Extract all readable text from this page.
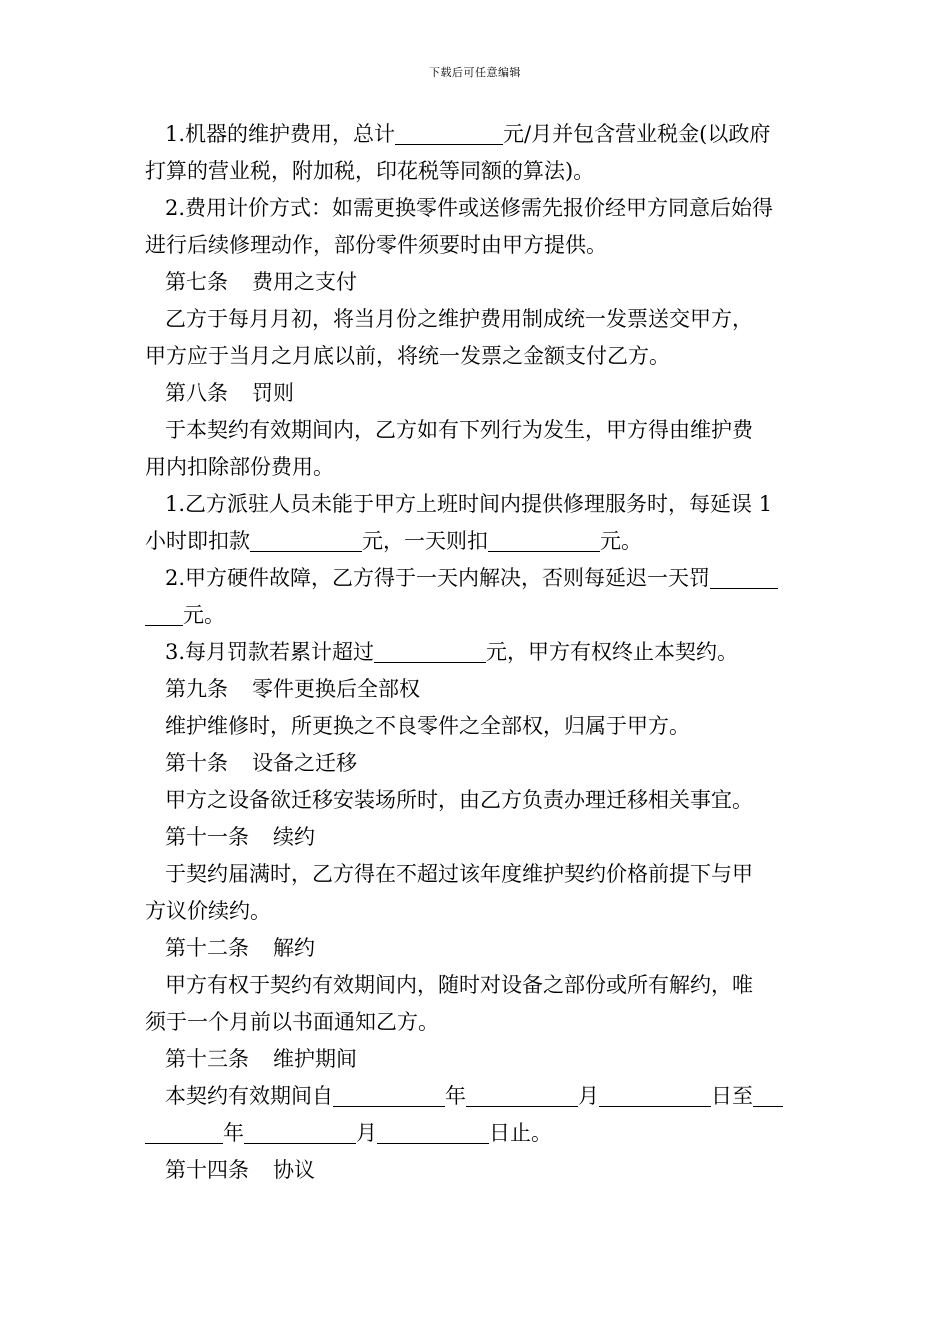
下载后可任意编辑
1.机器的维护费用，总计	元/月并包含营业税金(以政府
打算的营业税，附加税，印花税等同额的算法)。
2.费用计价方式：如需更换零件或送修需先报价经甲方同意后始得
进行后续修理动作，部份零件须要时由甲方提供。
第七条 费用之支付
乙方于每月月初，将当月份之维护费用制成统一发票送交甲方，
甲方应于当月之月底以前，将统一发票之金额支付乙方。
第八条 罚则
于本契约有效期间内，乙方如有下列行为发生，甲方得由维护费
用内扣除部份费用。
1.乙方派驻人员未能于甲方上班时间内提供修理服务时，每延误 1
小时即扣款	元，一天则扣	元。
2.甲方硬件故障，乙方得于一天内解决，否则每延迟一天罚
元。
3.每月罚款若累计超过	元，甲方有权终止本契约。
第九条 零件更换后全部权
维护维修时，所更换之不良零件之全部权，归属于甲方。
第十条 设备之迁移
甲方之设备欲迁移安装场所时，由乙方负责办理迁移相关事宜。
第十一条 续约
于契约届满时，乙方得在不超过该年度维护契约价格前提下与甲
方议价续约。
第十二条 解约
甲方有权于契约有效期间内，随时对设备之部份或所有解约，唯
须于一个月前以书面通知乙方。
第十三条 维护期间
本契约有效期间自	年	月	日至
年	月	日止。
第十四条 协议
